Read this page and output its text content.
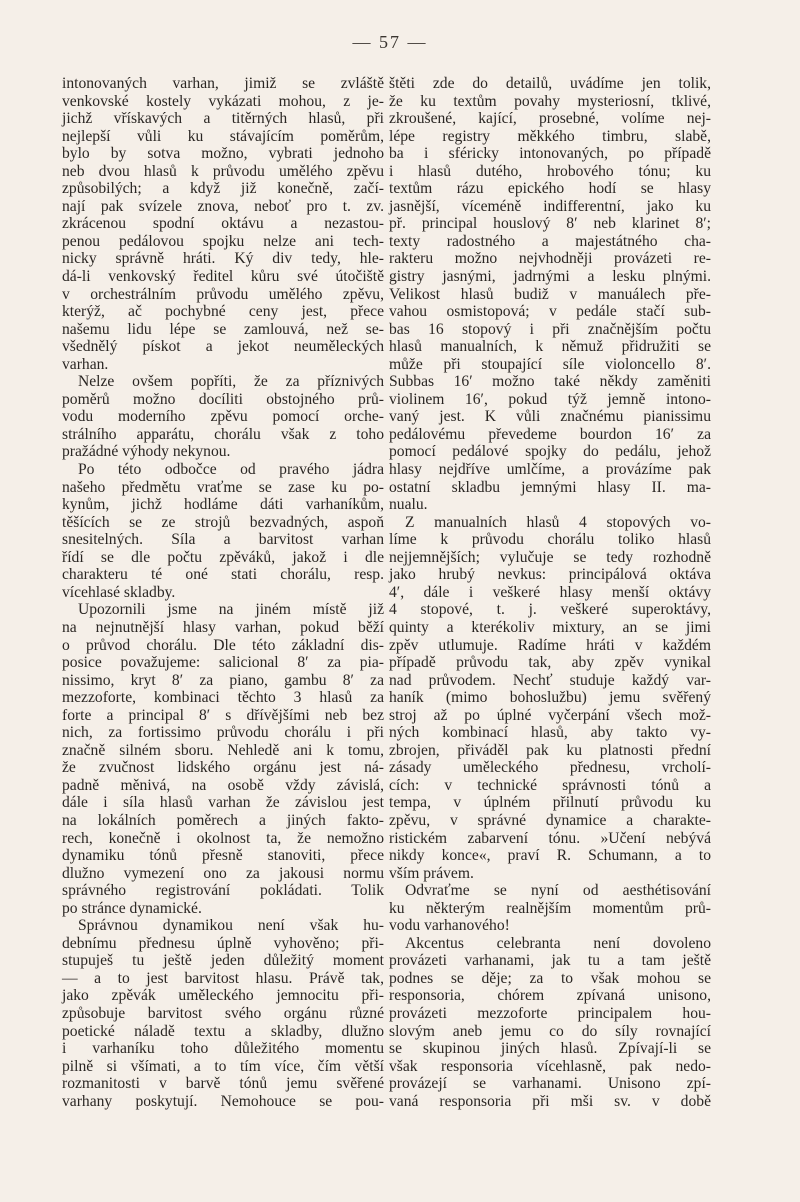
— 57 —
intonovaných varhan, jimiž se zvláště
venkovské kostely vykázati mohou, z je-
jichž vřískavých a titěrných hlasů, při
nejlepší vůli ku stávajícím poměrům,
bylo by sotva možno, vybrati jednoho
neb dvou hlasů k průvodu umělého zpěvu
způsobilých; a když již konečně, začí-
nají pak svízele znova, neboť pro t. zv.
zkrácenou spodní oktávu a nezastou-
penou pedálovou spojku nelze ani tech-
nicky správně hráti. Ký div tedy, hle-
dá-li venkovský ředitel kůru své útočiště
v orchestrálním průvodu umělého zpěvu,
kterýž, ač pochybné ceny jest, přece
našemu lidu lépe se zamlouvá, než se-
všednělý pískot a jekot neuměleckých
varhan.
Nelze ovšem popříti, že za příznivých
poměrů možno docíliti obstojného prů-
vodu moderního zpěvu pomocí orche-
strálního apparátu, chorálu však z toho
pražádné výhody nekynou.
Po této odbočce od pravého jádra
našeho předmětu vraťme se zase ku po-
kynům, jichž hodláme dáti varhaníkům,
těšících se ze strojů bezvadných, aspoň
snesitelných. Síla a barvitost varhan
řídí se dle počtu zpěváků, jakož i dle
charakteru té oné stati chorálu, resp.
vícehlasé skladby.
Upozornili jsme na jiném místě již
na nejnutnější hlasy varhan, pokud běží
o průvod chorálu. Dle této základní dis-
posice považujeme: salicional 8′ za pia-
nissimo, kryt 8′ za piano, gambu 8′ za
mezzoforte, kombinaci těchto 3 hlasů za
forte a principal 8′ s dřívějšími neb bez
nich, za fortissimo průvodu chorálu i při
značně silném sboru. Nehledě ani k tomu,
že zvučnost lidského orgánu jest ná-
padně měnivá, na osobě vždy závislá,
dále i síla hlasů varhan že závislou jest
na lokálních poměrech a jiných fakto-
rech, konečně i okolnost ta, že nemožno
dynamiku tónů přesně stanoviti, přece
dlužno vymezení ono za jakousi normu
správného registrování pokládati. Tolik
po stránce dynamické.
Správnou dynamikou není však hu-
debnímu přednesu úplně vyhověno; při-
stupuješ tu ještě jeden důležitý moment
— a to jest barvitost hlasu. Právě tak,
jako zpěvák uměleckého jemnocitu při-
způsobuje barvitost svého orgánu různé
poetické náladě textu a skladby, dlužno
i varhaníku toho důležitého momentu
pilně si všímati, a to tím více, čím větší
rozmanitosti v barvě tónů jemu svěřené
varhany poskytují. Nemohouce se pou-
štěti zde do detailů, uvádíme jen tolik,
že ku textům povahy mysteriosní, tklivé,
zkroušené, kající, prosebné, volíme nej-
lépe registry měkkého timbru, slabě,
ba i sféricky intonovaných, po případě
i hlasů dutého, hrobového tónu; ku
textům rázu epického hodí se hlasy
jasnější, víceméně indifferentní, jako ku
př. principal houslový 8′ neb klarinet 8′;
texty radostného a majestátného cha-
rakteru možno nejvhodněji provázeti re-
gistry jasnými, jadrnými a lesku plnými.
Velikost hlasů budiž v manuálech pře-
vahou osmistopová; v pedále stačí sub-
bas 16 stopový i při značnějším počtu
hlasů manualních, k němuž přidružiti se
může při stoupající síle violoncello 8′.
Subbas 16′ možno také někdy zaměniti
violinem 16′, pokud týž jemně intono-
vaný jest. K vůli značnému pianissimu
pedálovému převedeme bourdon 16′ za
pomocí pedálové spojky do pedálu, jehož
hlasy nejdříve umlčíme, a provázíme pak
ostatní skladbu jemnými hlasy II. ma-
nualu.
Z manualních hlasů 4 stopových vo-
líme k průvodu chorálu toliko hlasů
nejjemnějších; vylučuje se tedy rozhodně
jako hrubý nevkus: principálová oktáva
4′, dále i veškeré hlasy menší oktávy
4 stopové, t. j. veškeré superoktávy,
quinty a kterékoliv mixtury, an se jimi
zpěv utlumuje. Radíme hráti v každém
případě průvodu tak, aby zpěv vynikal
nad průvodem. Nechť studuje každý var-
haník (mimo bohoslužbu) jemu svěřený
stroj až po úplné vyčerpání všech mož-
ných kombinací hlasů, aby takto vy-
zbrojen, přiváděl pak ku platnosti přední
zásady uměleckého přednesu, vrcholí-
cích: v technické správnosti tónů a
tempa, v úplném přilnutí průvodu ku
zpěvu, v správné dynamice a charakte-
ristickém zabarvení tónu. »Učení nebývá
nikdy konce«, praví R. Schumann, a to
vším právem.
Odvraťme se nyní od aesthétisování
ku některým realnějším momentům prů-
vodu varhanového!
Akcentus celebranta není dovoleno
provázeti varhanami, jak tu a tam ještě
podnes se děje; za to však mohou se
responsoria, chórem zpívaná unisono,
provázeti mezzoforte principalem hou-
slovým aneb jemu co do síly rovnající
se skupinou jiných hlasů. Zpívají-li se
však responsoria vícehlasně, pak nedo-
provázejí se varhanami. Unisono zpí-
vaná responsoria při mši sv. v době
